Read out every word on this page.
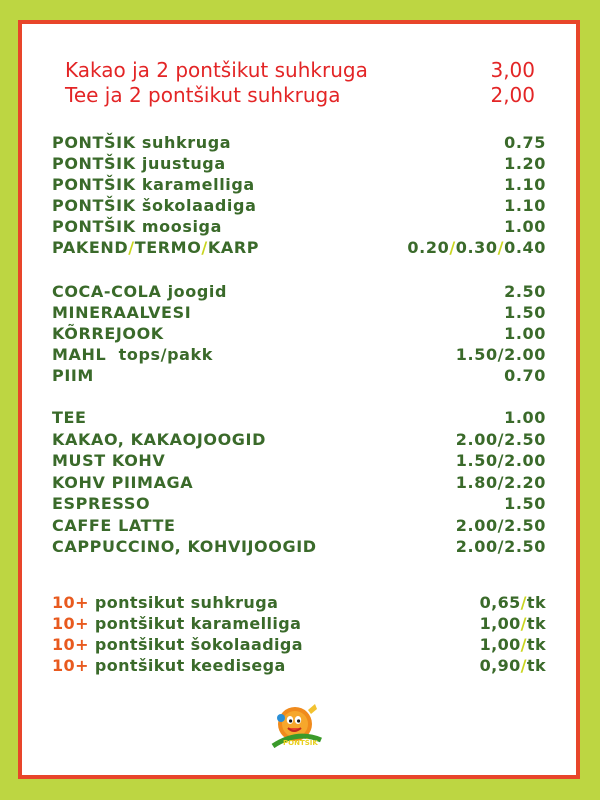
Kakao ja 2 pontšikut suhkruga	3,00
Tee ja 2 pontšikut suhkruga	2,00
PONTŠIK suhkruga	0.75
PONTŠIK juustuga	1.20
PONTŠIK karamelliga	1.10
PONTŠIK šokolaadiga	1.10
PONTŠIK moosiga	1.00
PAKEND/TERMO/KARP	0.20/0.30/0.40
COCA-COLA joogid	2.50
MINERAALVESI	1.50
KÕRREJOOK	1.00
MAHL  tops/pakk	1.50/2.00
PIIM	0.70
TEE	1.00
KAKAO, KAKAOJOOGID	2.00/2.50
MUST KOHV	1.50/2.00
KOHV PIIMAGA	1.80/2.20
ESPRESSO	1.50
CAFFE LATTE	2.00/2.50
CAPPUCCINO, KOHVIJOOGID	2.00/2.50
10+ pontsikut suhkruga	0,65/tk
10+ pontšikut karamelliga	1,00/tk
10+ pontšikut šokolaadiga	1,00/tk
10+ pontšikut keedisega	0,90/tk
PONTŠIK
